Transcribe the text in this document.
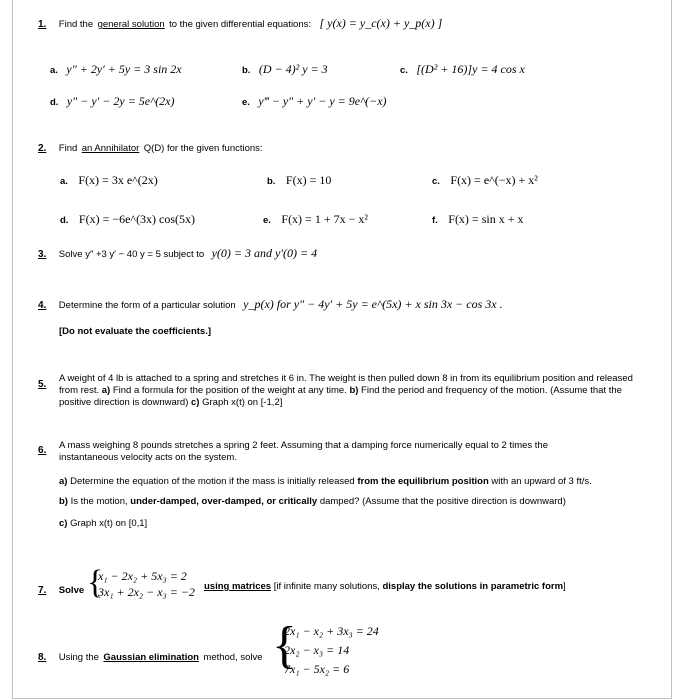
1. Find the general solution to the given differential equations: [ y(x) = y_c(x) + y_p(x) ]
a. y″ + 2y′ + 5y = 3 sin 2x	b. (D − 4)² y = 3	c. [(D² + 16)]y = 4 cos x
d. y″ − y′ − 2y = 5e^(2x)	e. y‴ − y″ + y′ − y = 9e^(−x)
2. Find an Annihilator Q(D) for the given functions:
a. F(x) = 3x e^(2x)	b. F(x) = 10	c. F(x) = e^(−x) + x²
d. F(x) = −6e^(3x) cos(5x)	e. F(x) = 1 + 7x − x²	f. F(x) = sin x + x
3. Solve y″ +3 y′ − 40 y = 5 subject to y(0) = 3 and y′(0) = 4
4. Determine the form of a particular solution y_p(x) for y″ − 4y′ + 5y = e^(5x) + x sin 3x − cos 3x .
[Do not evaluate the coefficients.]
5.
A weight of 4 lb is attached to a spring and stretches it 6 in. The weight is then pulled down 8 in from its equilibrium position and released from rest. a) Find a formula for the position of the weight at any time. b) Find the period and frequency of the motion. (Assume that the positive direction is downward) c) Graph x(t) on [-1,2]
6. A mass weighing 8 pounds stretches a spring 2 feet. Assuming that a damping force numerically equal to 2 times the instantaneous velocity acts on the system.
a) Determine the equation of the motion if the mass is initially released from the equilibrium position with an upward of 3 ft/s.
b) Is the motion, under-damped, over-damped, or critically damped? (Assume that the positive direction is downward)
c) Graph x(t) on [0,1]
7. Solve {
x₁ − 2x₂ + 5x₃ = 2
3x₁ + 2x₂ − x₃ = −2 using matrices [if infinite many solutions, display the solutions in parametric form]
8. Using the Gaussian elimination method, solve {
2x₁ − x₂ + 3x₃ = 24
2x₂ − x₃ = 14
7x₁ − 5x₂ = 6
